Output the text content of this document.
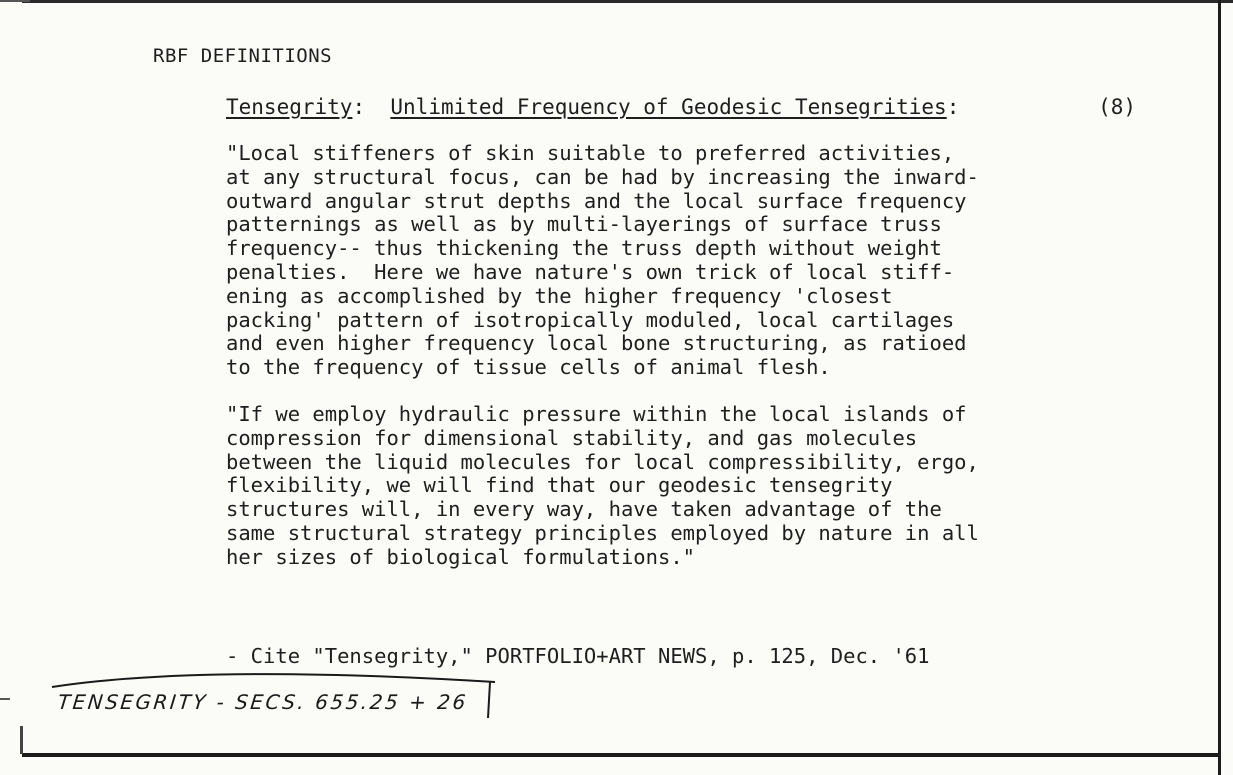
RBF DEFINITIONS
Tensegrity: Unlimited Frequency of Geodesic Tensegrities:	(8)
"Local stiffeners of skin suitable to preferred activities,
at any structural focus, can be had by increasing the inward-
outward angular strut depths and the local surface frequency
patternings as well as by multi-layerings of surface truss
frequency-- thus thickening the truss depth without weight
penalties.  Here we have nature's own trick of local stiff-
ening as accomplished by the higher frequency 'closest
packing' pattern of isotropically moduled, local cartilages
and even higher frequency local bone structuring, as ratioed
to the frequency of tissue cells of animal flesh.
"If we employ hydraulic pressure within the local islands of
compression for dimensional stability, and gas molecules
between the liquid molecules for local compressibility, ergo,
flexibility, we will find that our geodesic tensegrity
structures will, in every way, have taken advantage of the
same structural strategy principles employed by nature in all
her sizes of biological formulations."
- Cite "Tensegrity," PORTFOLIO+ART NEWS, p. 125, Dec. '61
TENSEGRITY - SECS. 655.25 + 26
